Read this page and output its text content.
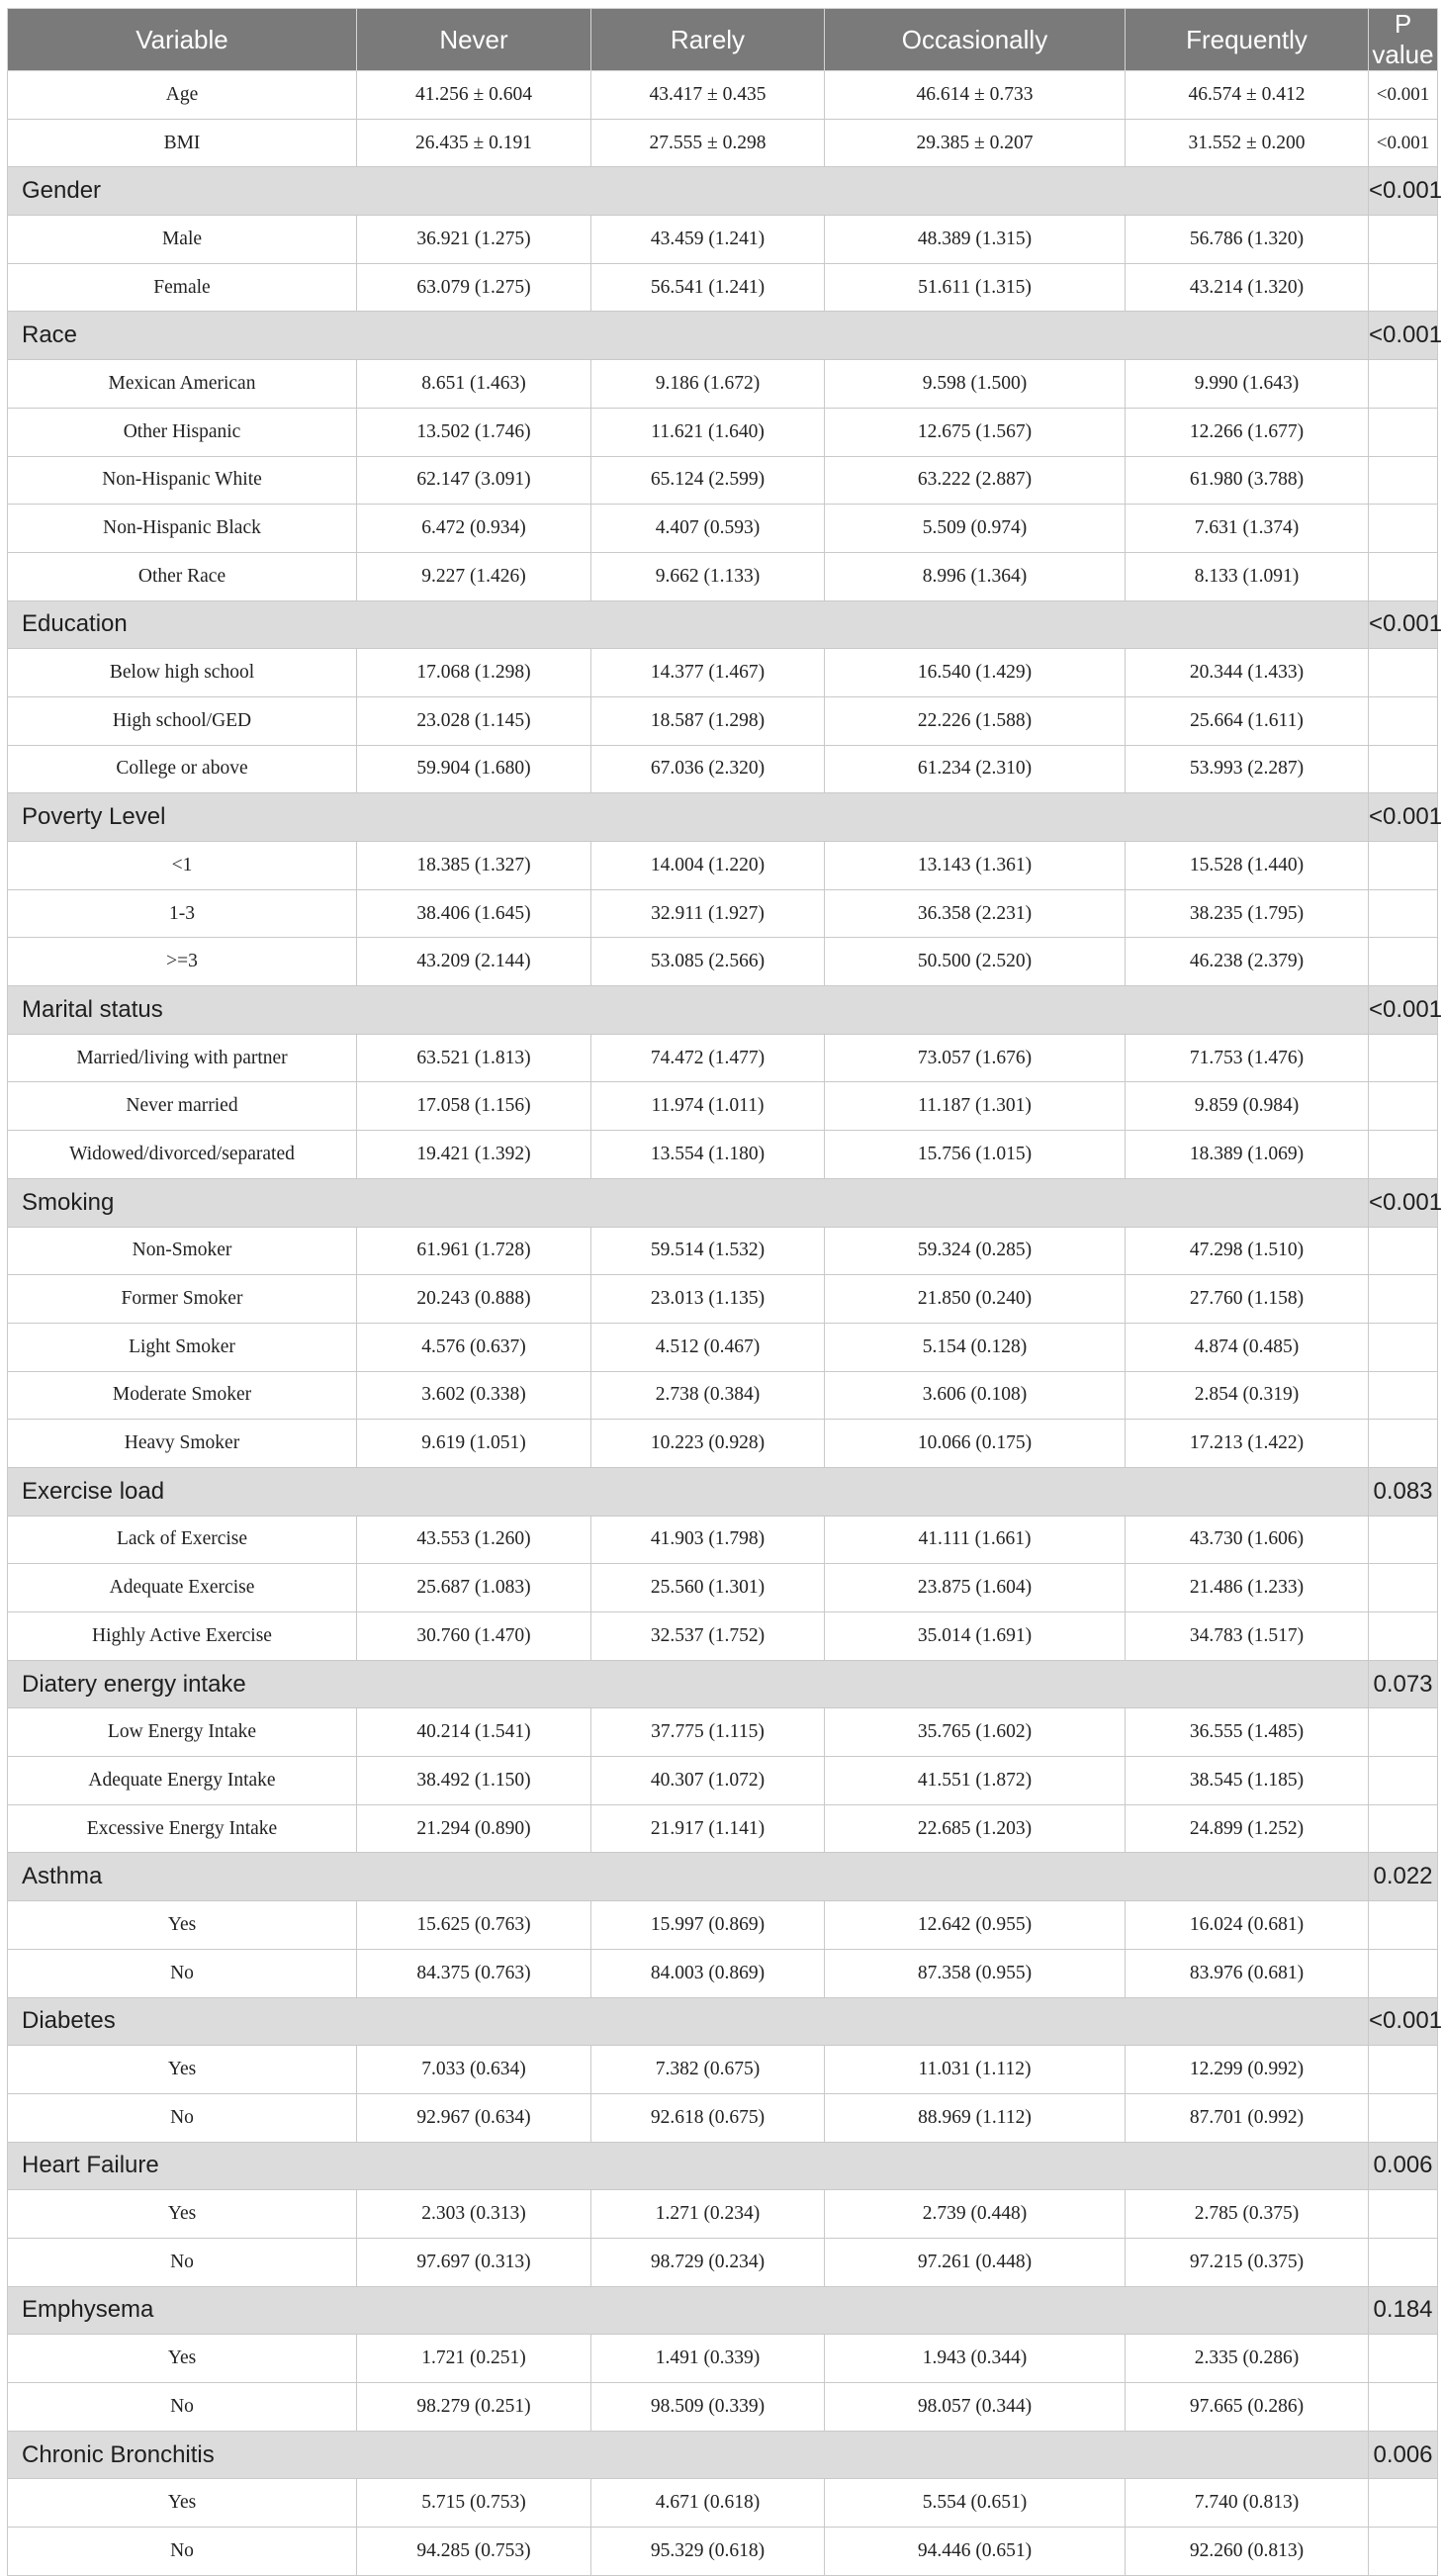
Variable	Never	Rarely	Occasionally	Frequently	P value
Age	41.256 ± 0.604	43.417 ± 0.435	46.614 ± 0.733	46.574 ± 0.412	<0.001
BMI	26.435 ± 0.191	27.555 ± 0.298	29.385 ± 0.207	31.552 ± 0.200	<0.001
Gender					<0.001
Male	36.921 (1.275)	43.459 (1.241)	48.389 (1.315)	56.786 (1.320)	
Female	63.079 (1.275)	56.541 (1.241)	51.611 (1.315)	43.214 (1.320)	
Race					<0.001
Mexican American	8.651 (1.463)	9.186 (1.672)	9.598 (1.500)	9.990 (1.643)	
Other Hispanic	13.502 (1.746)	11.621 (1.640)	12.675 (1.567)	12.266 (1.677)	
Non-Hispanic White	62.147 (3.091)	65.124 (2.599)	63.222 (2.887)	61.980 (3.788)	
Non-Hispanic Black	6.472 (0.934)	4.407 (0.593)	5.509 (0.974)	7.631 (1.374)	
Other Race	9.227 (1.426)	9.662 (1.133)	8.996 (1.364)	8.133 (1.091)	
Education					<0.001
Below high school	17.068 (1.298)	14.377 (1.467)	16.540 (1.429)	20.344 (1.433)	
High school/GED	23.028 (1.145)	18.587 (1.298)	22.226 (1.588)	25.664 (1.611)	
College or above	59.904 (1.680)	67.036 (2.320)	61.234 (2.310)	53.993 (2.287)	
Poverty Level					<0.001
<1	18.385 (1.327)	14.004 (1.220)	13.143 (1.361)	15.528 (1.440)	
1-3	38.406 (1.645)	32.911 (1.927)	36.358 (2.231)	38.235 (1.795)	
>=3	43.209 (2.144)	53.085 (2.566)	50.500 (2.520)	46.238 (2.379)	
Marital status					<0.001
Married/living with partner	63.521 (1.813)	74.472 (1.477)	73.057 (1.676)	71.753 (1.476)	
Never married	17.058 (1.156)	11.974 (1.011)	11.187 (1.301)	9.859 (0.984)	
Widowed/divorced/separated	19.421 (1.392)	13.554 (1.180)	15.756 (1.015)	18.389 (1.069)	
Smoking					<0.001
Non-Smoker	61.961 (1.728)	59.514 (1.532)	59.324 (0.285)	47.298 (1.510)	
Former Smoker	20.243 (0.888)	23.013 (1.135)	21.850 (0.240)	27.760 (1.158)	
Light Smoker	4.576 (0.637)	4.512 (0.467)	5.154 (0.128)	4.874 (0.485)	
Moderate Smoker	3.602 (0.338)	2.738 (0.384)	3.606 (0.108)	2.854 (0.319)	
Heavy Smoker	9.619 (1.051)	10.223 (0.928)	10.066 (0.175)	17.213 (1.422)	
Exercise load					0.083
Lack of Exercise	43.553 (1.260)	41.903 (1.798)	41.111 (1.661)	43.730 (1.606)	
Adequate Exercise	25.687 (1.083)	25.560 (1.301)	23.875 (1.604)	21.486 (1.233)	
Highly Active Exercise	30.760 (1.470)	32.537 (1.752)	35.014 (1.691)	34.783 (1.517)	
Diatery energy intake					0.073
Low Energy Intake	40.214 (1.541)	37.775 (1.115)	35.765 (1.602)	36.555 (1.485)	
Adequate Energy Intake	38.492 (1.150)	40.307 (1.072)	41.551 (1.872)	38.545 (1.185)	
Excessive Energy Intake	21.294 (0.890)	21.917 (1.141)	22.685 (1.203)	24.899 (1.252)	
Asthma					0.022
Yes	15.625 (0.763)	15.997 (0.869)	12.642 (0.955)	16.024 (0.681)	
No	84.375 (0.763)	84.003 (0.869)	87.358 (0.955)	83.976 (0.681)	
Diabetes					<0.001
Yes	7.033 (0.634)	7.382 (0.675)	11.031 (1.112)	12.299 (0.992)	
No	92.967 (0.634)	92.618 (0.675)	88.969 (1.112)	87.701 (0.992)	
Heart Failure					0.006
Yes	2.303 (0.313)	1.271 (0.234)	2.739 (0.448)	2.785 (0.375)	
No	97.697 (0.313)	98.729 (0.234)	97.261 (0.448)	97.215 (0.375)	
Emphysema					0.184
Yes	1.721 (0.251)	1.491 (0.339)	1.943 (0.344)	2.335 (0.286)	
No	98.279 (0.251)	98.509 (0.339)	98.057 (0.344)	97.665 (0.286)	
Chronic Bronchitis					0.006
Yes	5.715 (0.753)	4.671 (0.618)	5.554 (0.651)	7.740 (0.813)	
No	94.285 (0.753)	95.329 (0.618)	94.446 (0.651)	92.260 (0.813)	
